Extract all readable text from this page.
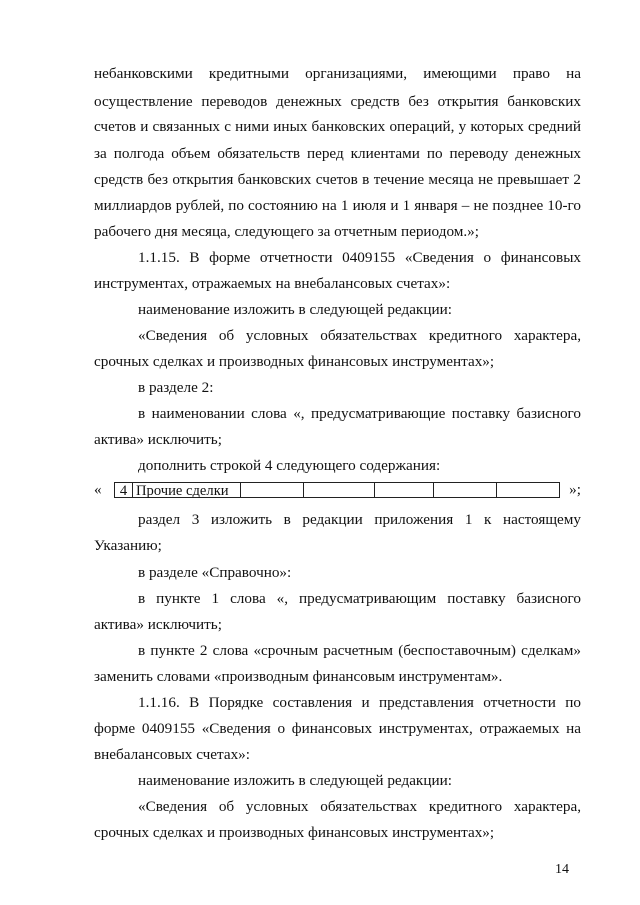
небанковскими кредитными организациями, имеющими право на
осуществление переводов денежных средств без открытия банковских
счетов и связанных с ними иных банковских операций, у которых средний
за полгода объем обязательств перед клиентами по переводу денежных
средств без открытия банковских счетов в течение месяца не превышает 2
миллиардов рублей, по состоянию на 1 июля и 1 января – не позднее 10-го
рабочего дня месяца, следующего за отчетным периодом.»;
1.1.15. В форме отчетности 0409155 «Сведения о финансовых
инструментах, отражаемых на внебалансовых счетах»:
наименование изложить в следующей редакции:
«Сведения об условных обязательствах кредитного характера,
срочных сделках и производных финансовых инструментах»;
в разделе 2:
в наименовании слова «, предусматривающие поставку базисного
актива» исключить;
дополнить строкой 4 следующего содержания:
«	4 Прочие сделки	»;
раздел 3 изложить в редакции приложения 1 к настоящему
Указанию;
в разделе «Справочно»:
в пункте 1 слова «, предусматривающим поставку базисного
актива» исключить;
в пункте 2 слова «срочным расчетным (беспоставочным) сделкам»
заменить словами «производным финансовым инструментам».
1.1.16. В Порядке составления и представления отчетности по
форме 0409155 «Сведения о финансовых инструментах, отражаемых на
внебалансовых счетах»:
наименование изложить в следующей редакции:
«Сведения об условных обязательствах кредитного характера,
срочных сделках и производных финансовых инструментах»;
14
